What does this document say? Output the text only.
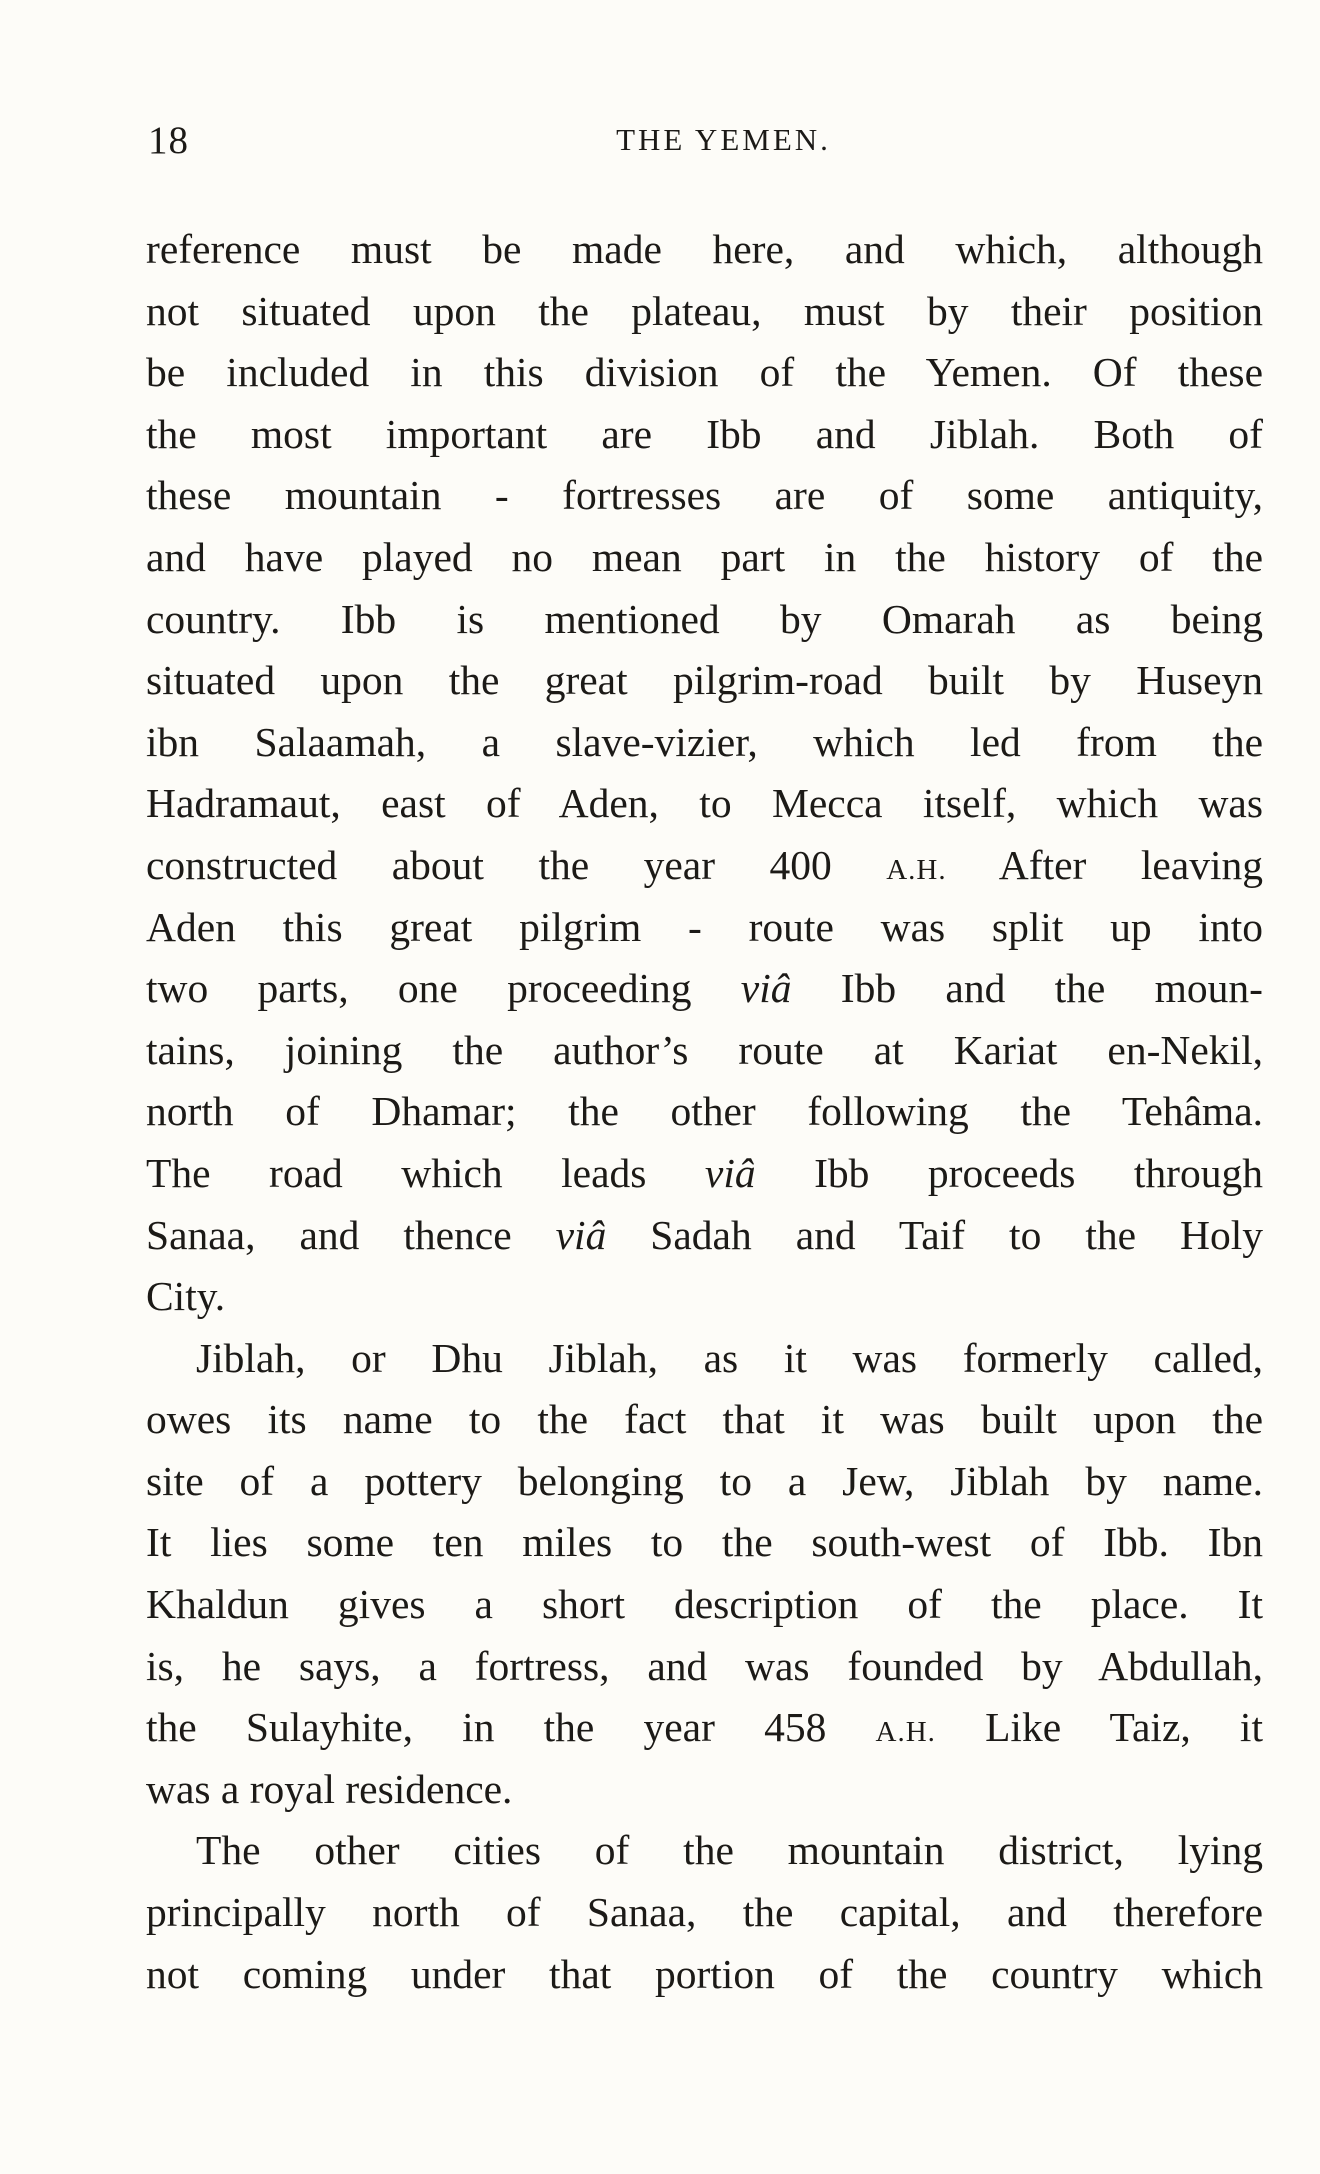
18	THE YEMEN.
reference must be made here, and which, although
not situated upon the plateau, must by their position
be included in this division of the Yemen. Of these
the most important are Ibb and Jiblah. Both of
these mountain - fortresses are of some antiquity,
and have played no mean part in the history of the
country. Ibb is mentioned by Omarah as being
situated upon the great pilgrim-road built by Huseyn
ibn Salaamah, a slave-vizier, which led from the
Hadramaut, east of Aden, to Mecca itself, which was
constructed about the year 400 A.H. After leaving
Aden this great pilgrim - route was split up into
two parts, one proceeding viâ Ibb and the moun-
tains, joining the author’s route at Kariat en-Nekil,
north of Dhamar; the other following the Tehâma.
The road which leads viâ Ibb proceeds through
Sanaa, and thence viâ Sadah and Taif to the Holy
City.
Jiblah, or Dhu Jiblah, as it was formerly called,
owes its name to the fact that it was built upon the
site of a pottery belonging to a Jew, Jiblah by name.
It lies some ten miles to the south-west of Ibb. Ibn
Khaldun gives a short description of the place. It
is, he says, a fortress, and was founded by Abdullah,
the Sulayhite, in the year 458 A.H. Like Taiz, it
was a royal residence.
The other cities of the mountain district, lying
principally north of Sanaa, the capital, and therefore
not coming under that portion of the country which
